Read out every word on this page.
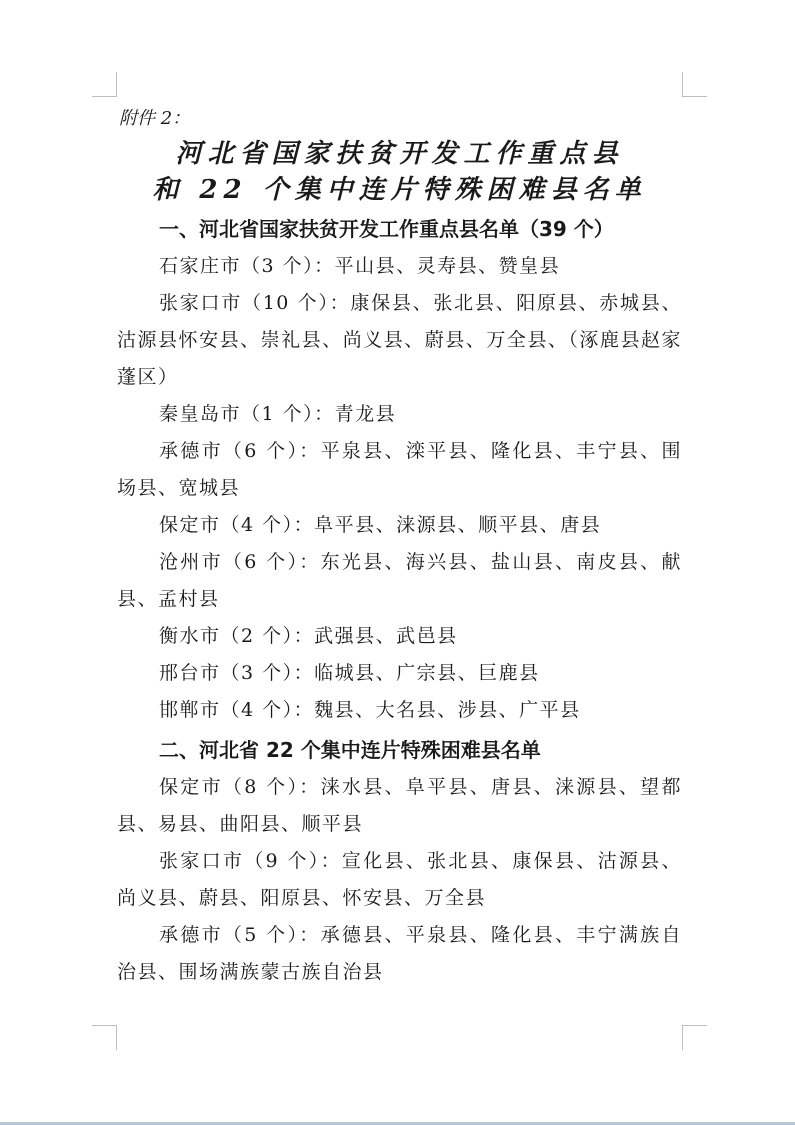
附件 2：
河北省国家扶贫开发工作重点县
和 22 个集中连片特殊困难县名单
一、河北省国家扶贫开发工作重点县名单（39 个）

石家庄市（3 个）：平山县、灵寿县、赞皇县

张家口市（10 个）：康保县、张北县、阳原县、赤城县、沽源县怀安县、崇礼县、尚义县、蔚县、万全县、（涿鹿县赵家蓬区）

秦皇岛市（1 个）：青龙县

承德市（6 个）：平泉县、滦平县、隆化县、丰宁县、围场县、宽城县

保定市（4 个）：阜平县、涞源县、顺平县、唐县

沧州市（6 个）：东光县、海兴县、盐山县、南皮县、献县、孟村县

衡水市（2 个）：武强县、武邑县

邢台市（3 个）：临城县、广宗县、巨鹿县

邯郸市（4 个）：魏县、大名县、涉县、广平县

二、河北省 22 个集中连片特殊困难县名单

保定市（8 个）：涞水县、阜平县、唐县、涞源县、望都县、易县、曲阳县、顺平县

张家口市（9 个）：宣化县、张北县、康保县、沽源县、尚义县、蔚县、阳原县、怀安县、万全县

承德市（5 个）：承德县、平泉县、隆化县、丰宁满族自治县、围场满族蒙古族自治县
